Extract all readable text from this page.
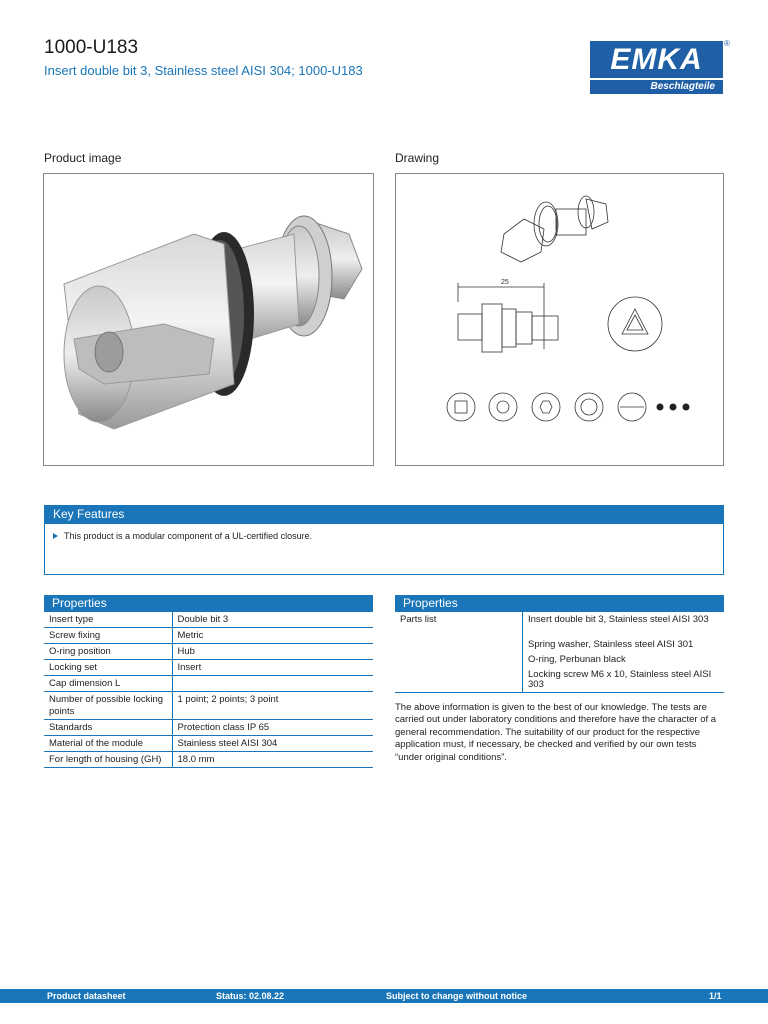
1000-U183
Insert double bit 3, Stainless steel AISI 304; 1000-U183	EMKA
Beschlagteile
®
Product image	Drawing
25
Key Features
This product is a modular component of a UL-certified closure.
Properties
Insert type	Double bit 3
Screw fixing	Metric
O-ring position	Hub
Locking set	Insert
Cap dimension L	
Number of possible locking points	1 point; 2 points; 3 point
Standards	Protection class IP 65
Material of the module	Stainless steel AISI 304
For length of housing (GH)	18.0 mm
Properties
Parts list	Insert double bit 3, Stainless steel AISI 303
Spring washer, Stainless steel AISI 301
O-ring, Perbunan black
Locking screw M6 x 10, Stainless steel AISI 303
The above information is given to the best of our knowledge. The tests are carried out under laboratory conditions and therefore have the character of a general recommendation. The suitability of our product for the respective application must, if necessary, be checked and verified by our own tests “under original conditions”.
Product datasheet	Status: 02.08.22	Subject to change without notice	1/1
